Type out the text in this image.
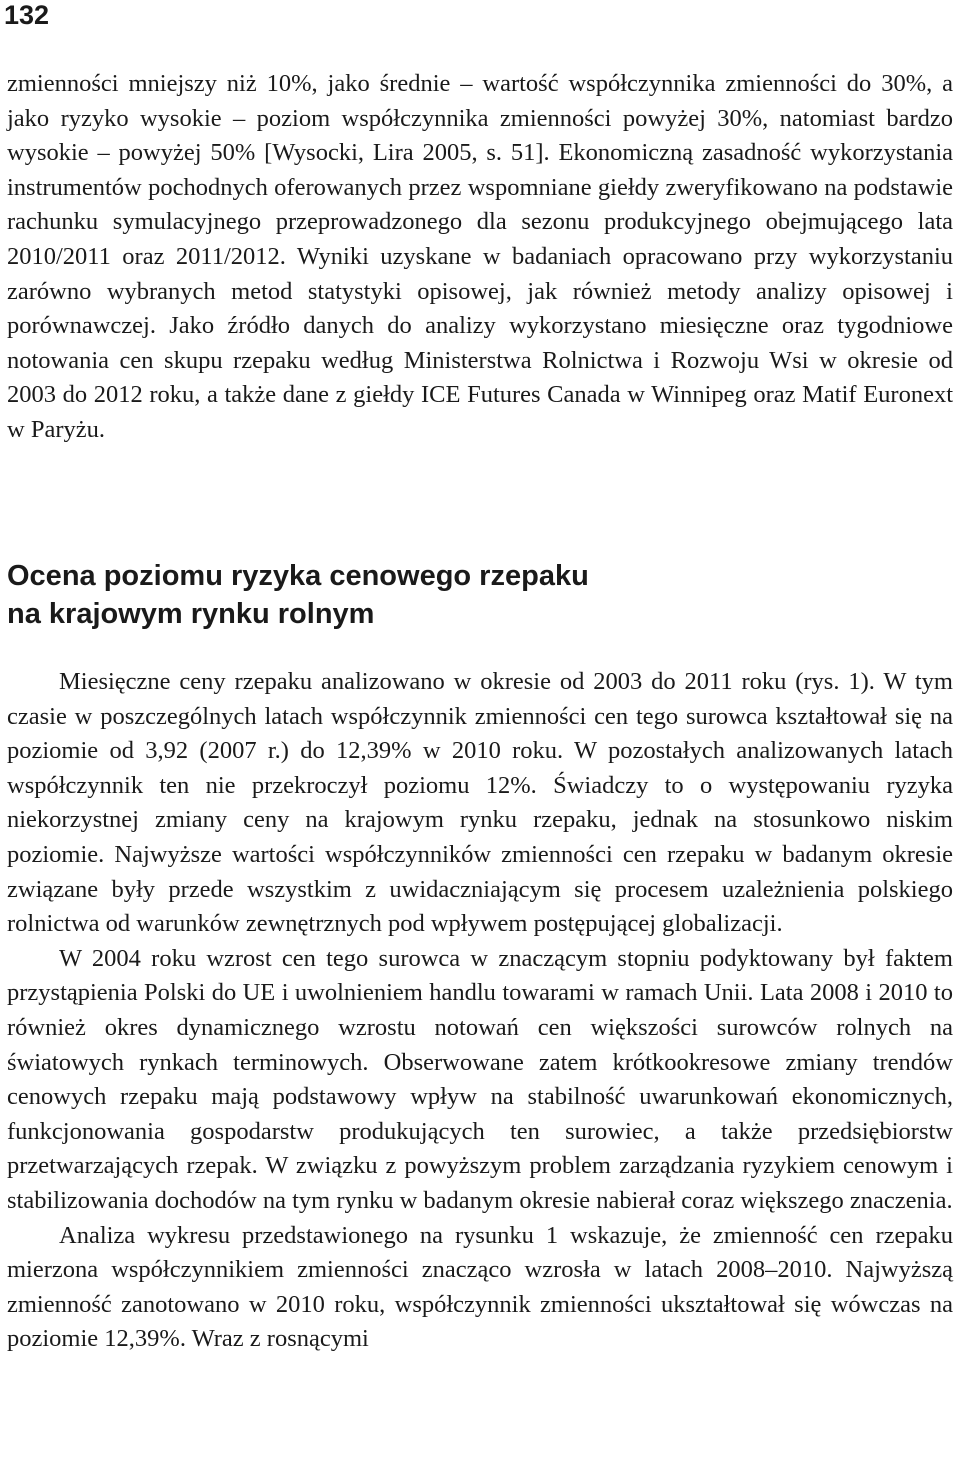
132

zmienności mniejszy niż 10%, jako średnie – wartość współczynnika zmienności do 30%, a jako ryzyko wysokie – poziom współczynnika zmienności powyżej 30%, natomiast bardzo wysokie – powyżej 50% [Wysocki, Lira 2005, s. 51]. Ekonomiczną zasadność wykorzystania instrumentów pochodnych oferowanych przez wspomniane giełdy zweryfikowano na podstawie rachunku symulacyjnego przeprowadzonego dla sezonu produkcyjnego obejmującego lata 2010/2011 oraz 2011/2012. Wyniki uzyskane w badaniach opracowano przy wykorzystaniu zarówno wybranych metod statystyki opisowej, jak również metody analizy opisowej i porównawczej. Jako źródło danych do analizy wykorzystano miesięczne oraz tygodniowe notowania cen skupu rzepaku według Ministerstwa Rolnictwa i Rozwoju Wsi w okresie od 2003 do 2012 roku, a także dane z giełdy ICE Futures Canada w Winnipeg oraz Matif Euronext w Paryżu.

Ocena poziomu ryzyka cenowego rzepaku
na krajowym rynku rolnym

Miesięczne ceny rzepaku analizowano w okresie od 2003 do 2011 roku (rys. 1). W tym czasie w poszczególnych latach współczynnik zmienności cen tego surowca kształtował się na poziomie od 3,92 (2007 r.) do 12,39% w 2010 roku. W pozostałych analizowanych latach współczynnik ten nie przekroczył poziomu 12%. Świadczy to o występowaniu ryzyka niekorzystnej zmiany ceny na krajowym rynku rzepaku, jednak na stosunkowo niskim poziomie. Najwyższe wartości współczynników zmienności cen rzepaku w badanym okresie związane były przede wszystkim z uwidaczniającym się procesem uzależnienia polskiego rolnictwa od warunków zewnętrznych pod wpływem postępującej globalizacji.

W 2004 roku wzrost cen tego surowca w znaczącym stopniu podyktowany był faktem przystąpienia Polski do UE i uwolnieniem handlu towarami w ramach Unii. Lata 2008 i 2010 to również okres dynamicznego wzrostu notowań cen większości surowców rolnych na światowych rynkach terminowych. Obserwowane zatem krótkookresowe zmiany trendów cenowych rzepaku mają podstawowy wpływ na stabilność uwarunkowań ekonomicznych, funkcjonowania gospodarstw produkujących ten surowiec, a także przedsiębiorstw przetwarzających rzepak. W związku z powyższym problem zarządzania ryzykiem cenowym i stabilizowania dochodów na tym rynku w badanym okresie nabierał coraz większego znaczenia.

Analiza wykresu przedstawionego na rysunku 1 wskazuje, że zmienność cen rzepaku mierzona współczynnikiem zmienności znacząco wzrosła w latach 2008–2010. Najwyższą zmienność zanotowano w 2010 roku, współczynnik zmienności ukształtował się wówczas na poziomie 12,39%. Wraz z rosnącymi
